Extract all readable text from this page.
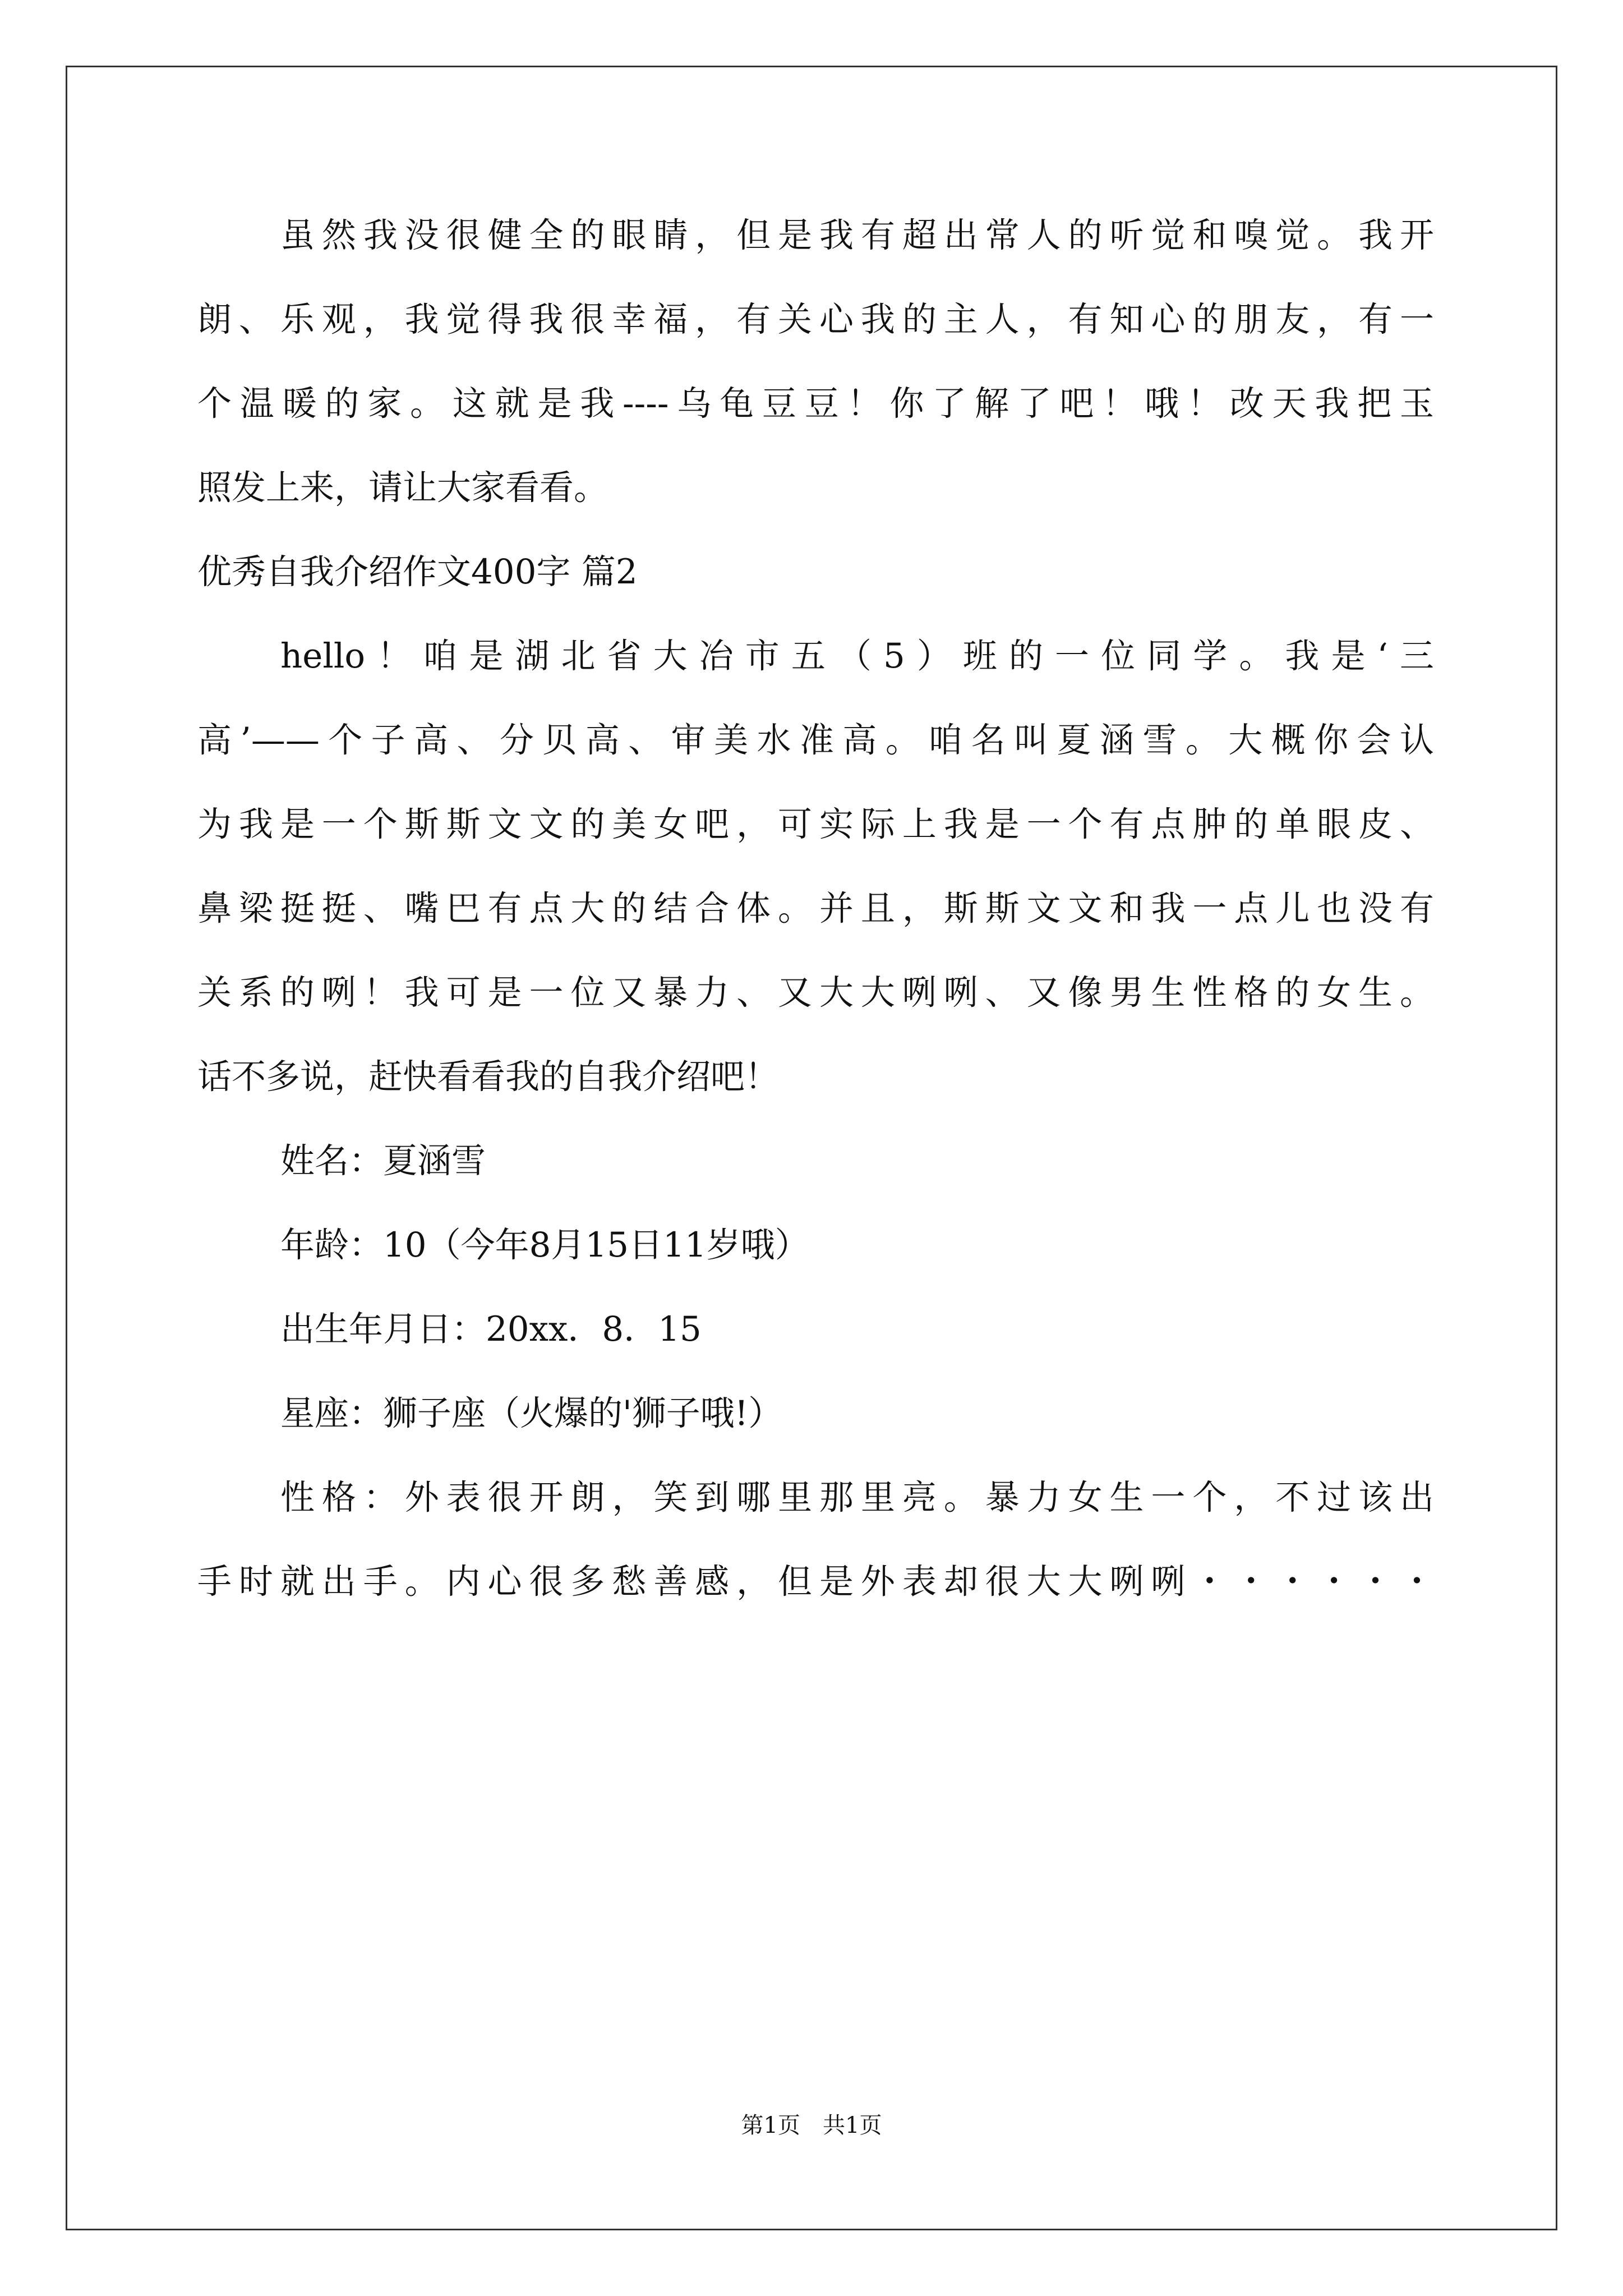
虽然我没很健全的眼睛，但是我有超出常人的听觉和嗅觉。我开
朗、乐观，我觉得我很幸福，有关心我的主人，有知心的朋友，有一
个温暖的家。这就是我----乌龟豆豆！你了解了吧！哦！改天我把玉
照发上来，请让大家看看。
优秀自我介绍作文400字 篇2
hello！咱是湖北省大冶市五（5）班的一位同学。我是‘三
高’——个子高、分贝高、审美水准高。咱名叫夏涵雪。大概你会认
为我是一个斯斯文文的美女吧，可实际上我是一个有点肿的单眼皮、
鼻梁挺挺、嘴巴有点大的结合体。并且，斯斯文文和我一点儿也没有
关系的咧！我可是一位又暴力、又大大咧咧、又像男生性格的女生。
话不多说，赶快看看我的自我介绍吧！
姓名：夏涵雪
年龄：10（今年8月15日11岁哦）
出生年月日：20xx．8．15
星座：狮子座（火爆的'狮子哦!）
性格：外表很开朗，笑到哪里那里亮。暴力女生一个，不过该出
手时就出手。内心很多愁善感，但是外表却很大大咧咧・・・・・・
第1页　共1页
